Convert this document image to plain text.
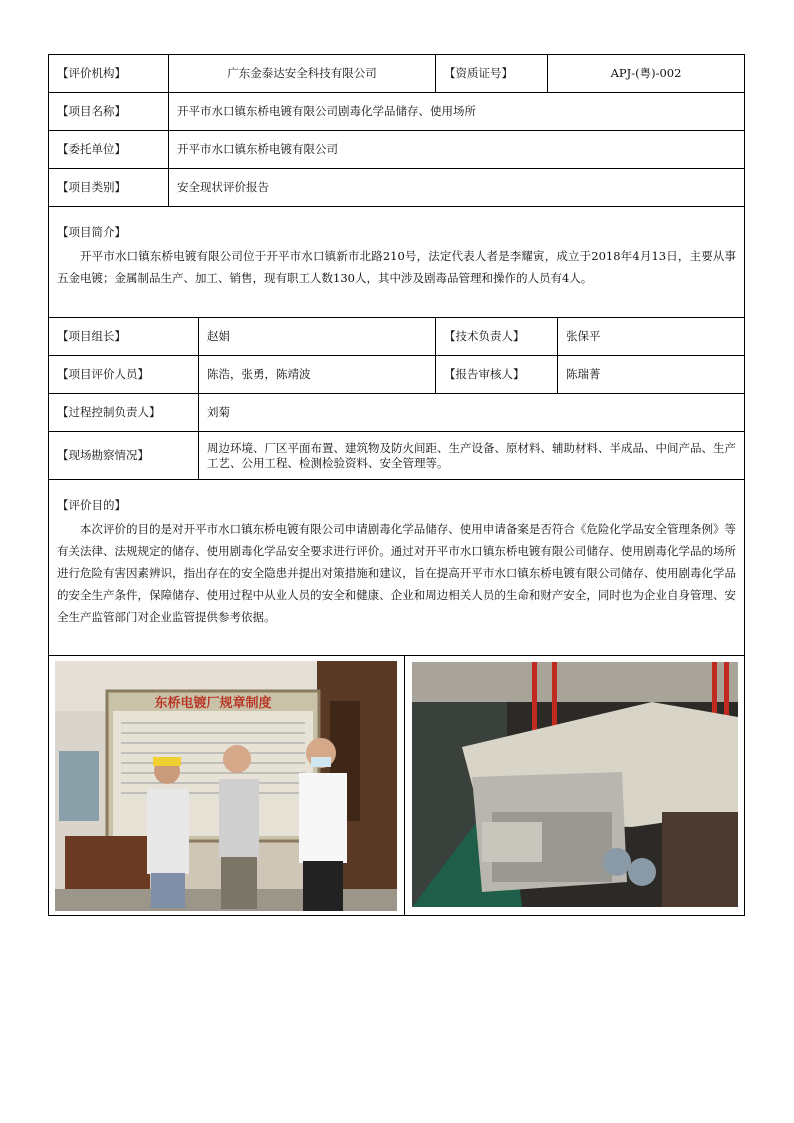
【评价机构】	广东金泰达安全科技有限公司	【资质证号】	APJ-(粤)-002
【项目名称】	开平市水口镇东桥电镀有限公司剧毒化学品储存、使用场所
【委托单位】	开平市水口镇东桥电镀有限公司
【项目类别】	安全现状评价报告
【项目简介】

开平市水口镇东桥电镀有限公司位于开平市水口镇新市北路210号，法定代表人者是李耀寅，成立于2018年4月13日，主要从事五金电镀；金属制品生产、加工、销售，现有职工人数130人，其中涉及剧毒品管理和操作的人员有4人。

【项目组长】	赵娟	【技术负责人】	张保平
【项目评价人员】	陈浩，张勇，陈靖波	【报告审核人】	陈瑞菁
【过程控制负责人】	刘菊
【现场勘察情况】
周边环境、厂区平面布置、建筑物及防火间距、生产设备、原材料、辅助材料、半成品、中间产品、生产工艺、公用工程、检测检验资料、安全管理等。
【评价目的】

本次评价的目的是对开平市水口镇东桥电镀有限公司申请剧毒化学品储存、使用申请备案是否符合《危险化学品安全管理条例》等有关法律、法规规定的储存、使用剧毒化学品安全要求进行评价。通过对开平市水口镇东桥电镀有限公司储存、使用剧毒化学品的场所进行危险有害因素辨识，指出存在的安全隐患并提出对策措施和建议，旨在提高开平市水口镇东桥电镀有限公司储存、使用剧毒化学品的安全生产条件，保障储存、使用过程中从业人员的安全和健康、企业和周边相关人员的生命和财产安全，同时也为企业自身管理、安全生产监管部门对企业监管提供参考依据。

东桥电镀厂规章制度
